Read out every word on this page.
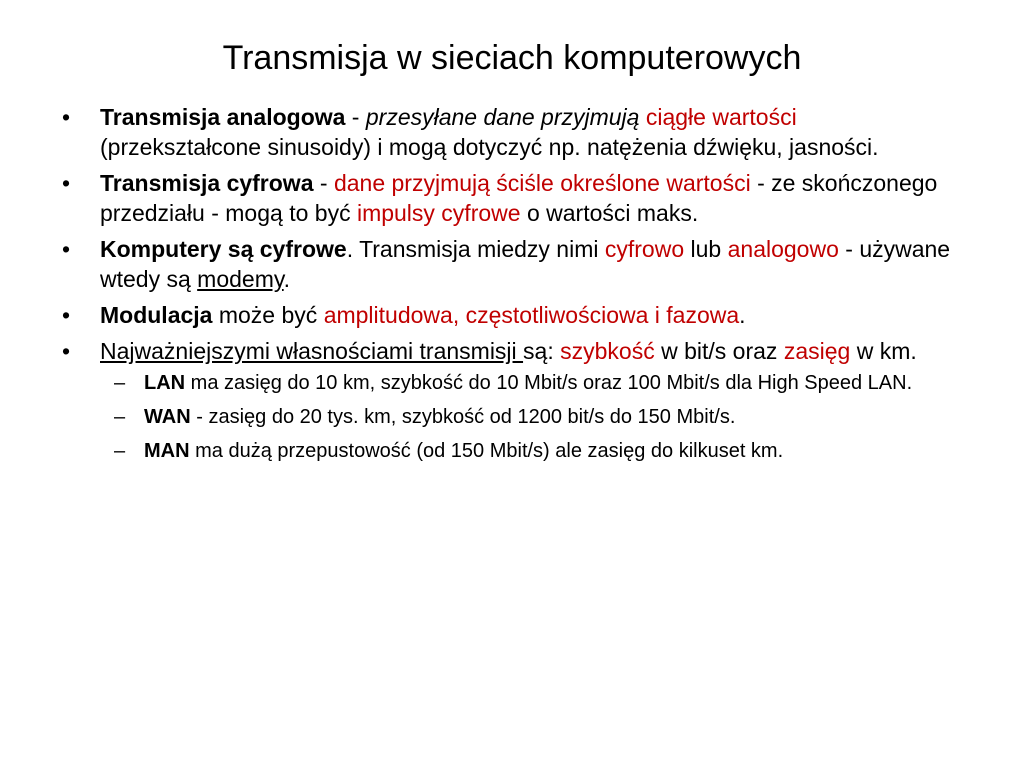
Transmisja w sieciach komputerowych
• Transmisja analogowa - przesyłane dane przyjmują ciągłe wartości (przekształcone sinusoidy) i mogą dotyczyć np. natężenia dźwięku, jasności.
• Transmisja cyfrowa - dane przyjmują ściśle określone wartości - ze skończonego przedziału - mogą to być impulsy cyfrowe o wartości maks.
• Komputery są cyfrowe. Transmisja miedzy nimi cyfrowo lub analogowo - używane wtedy są modemy.
• Modulacja może być amplitudowa, częstotliwościowa i fazowa.
• Najważniejszymi własnościami transmisji są: szybkość w bit/s oraz zasięg w km.
– LAN ma zasięg do 10 km, szybkość do 10 Mbit/s oraz 100 Mbit/s dla High Speed LAN.
– WAN - zasięg do 20 tys. km, szybkość od 1200 bit/s do 150 Mbit/s.
– MAN ma dużą przepustowość (od 150 Mbit/s) ale zasięg do kilkuset km.
